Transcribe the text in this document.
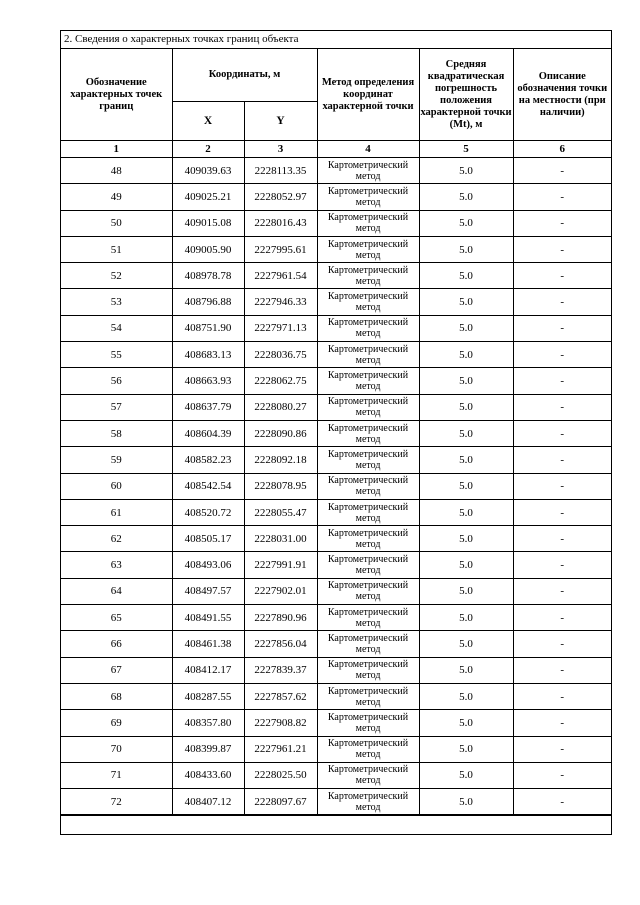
2. Сведения о характерных точках границ объекта
Обозначение характерных точек границ	Координаты, м		Метод определения координат характерной точки	Средняя квадратическая погрешность положения характерной точки (Mt), м	Описание обозначения точки на местности (при наличии)
	X	Y			
1	2	3	4	5	6
48	409039.63	2228113.35	Картометрический метод	5.0	-
49	409025.21	2228052.97	Картометрический метод	5.0	-
50	409015.08	2228016.43	Картометрический метод	5.0	-
51	409005.90	2227995.61	Картометрический метод	5.0	-
52	408978.78	2227961.54	Картометрический метод	5.0	-
53	408796.88	2227946.33	Картометрический метод	5.0	-
54	408751.90	2227971.13	Картометрический метод	5.0	-
55	408683.13	2228036.75	Картометрический метод	5.0	-
56	408663.93	2228062.75	Картометрический метод	5.0	-
57	408637.79	2228080.27	Картометрический метод	5.0	-
58	408604.39	2228090.86	Картометрический метод	5.0	-
59	408582.23	2228092.18	Картометрический метод	5.0	-
60	408542.54	2228078.95	Картометрический метод	5.0	-
61	408520.72	2228055.47	Картометрический метод	5.0	-
62	408505.17	2228031.00	Картометрический метод	5.0	-
63	408493.06	2227991.91	Картометрический метод	5.0	-
64	408497.57	2227902.01	Картометрический метод	5.0	-
65	408491.55	2227890.96	Картометрический метод	5.0	-
66	408461.38	2227856.04	Картометрический метод	5.0	-
67	408412.17	2227839.37	Картометрический метод	5.0	-
68	408287.55	2227857.62	Картометрический метод	5.0	-
69	408357.80	2227908.82	Картометрический метод	5.0	-
70	408399.87	2227961.21	Картометрический метод	5.0	-
71	408433.60	2228025.50	Картометрический метод	5.0	-
72	408407.12	2228097.67	Картометрический метод	5.0	-
